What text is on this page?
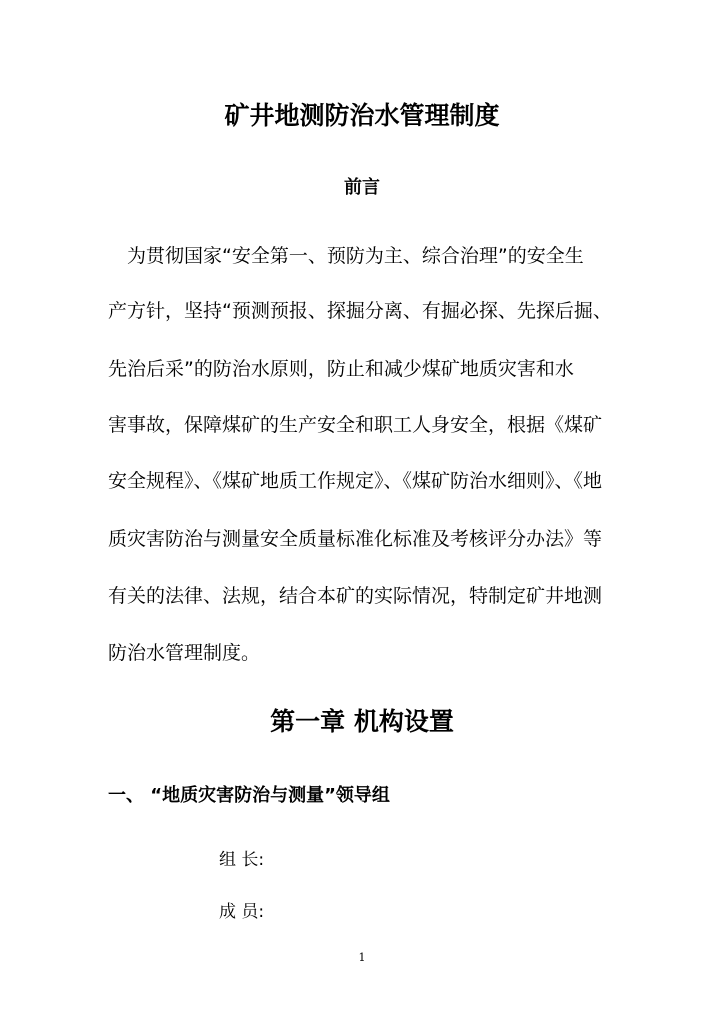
矿井地测防治水管理制度
前言
　为贯彻国家“安全第一、预防为主、综合治理”的安全生
产方针，坚持“预测预报、探掘分离、有掘必探、先探后掘、
先治后采”的防治水原则，防止和减少煤矿地质灾害和水
害事故，保障煤矿的生产安全和职工人身安全，根据《煤矿
安全规程》、《煤矿地质工作规定》、《煤矿防治水细则》、《地
质灾害防治与测量安全质量标准化标准及考核评分办法》等
有关的法律、法规，结合本矿的实际情况，特制定矿井地测
防治水管理制度。
第一章 机构设置
一、 “地质灾害防治与测量”领导组
组 长:
成 员:
1
